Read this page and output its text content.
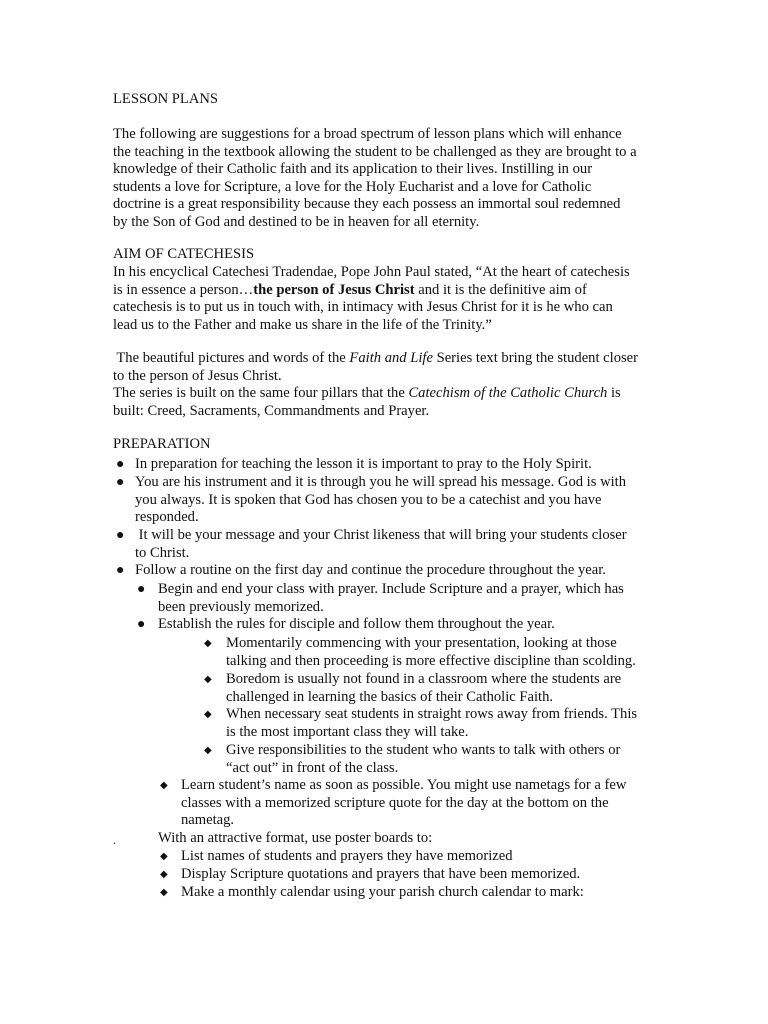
LESSON PLANS
The following are suggestions for a broad spectrum of lesson plans which will enhance
the teaching in the textbook allowing the student to be challenged as they are brought to a
knowledge of their Catholic faith and its application to their lives. Instilling in our
students a love for Scripture, a love for the Holy Eucharist and a love for Catholic
doctrine is a great responsibility because they each possess an immortal soul redemned
by the Son of God and destined to be in heaven for all eternity.
AIM OF CATECHESIS
In his encyclical Catechesi Tradendae, Pope John Paul stated, “At the heart of catechesis
is in essence a person…the person of Jesus Christ and it is the definitive aim of
catechesis is to put us in touch with, in intimacy with Jesus Christ for it is he who can
lead us to the Father and make us share in the life of the Trinity.”
The beautiful pictures and words of the Faith and Life Series text bring the student closer
to the person of Jesus Christ.
The series is built on the same four pillars that the Catechism of the Catholic Church is
built: Creed, Sacraments, Commandments and Prayer.
PREPARATION
● In preparation for teaching the lesson it is important to pray to the Holy Spirit.
● You are his instrument and it is through you he will spread his message. God is with
you always. It is spoken that God has chosen you to be a catechist and you have
responded.
● It will be your message and your Christ likeness that will bring your students closer
to Christ.
● Follow a routine on the first day and continue the procedure throughout the year.
● Begin and end your class with prayer. Include Scripture and a prayer, which has
been previously memorized.
● Establish the rules for disciple and follow them throughout the year.
◆ Momentarily commencing with your presentation, looking at those
talking and then proceeding is more effective discipline than scolding.
◆ Boredom is usually not found in a classroom where the students are
challenged in learning the basics of their Catholic Faith.
◆ When necessary seat students in straight rows away from friends. This
is the most important class they will take.
◆ Give responsibilities to the student who wants to talk with others or
“act out” in front of the class.
◆ Learn student’s name as soon as possible. You might use nametags for a few
classes with a memorized scripture quote for the day at the bottom on the
nametag.
.	With an attractive format, use poster boards to:
◆ List names of students and prayers they have memorized
◆ Display Scripture quotations and prayers that have been memorized.
◆ Make a monthly calendar using your parish church calendar to mark:
